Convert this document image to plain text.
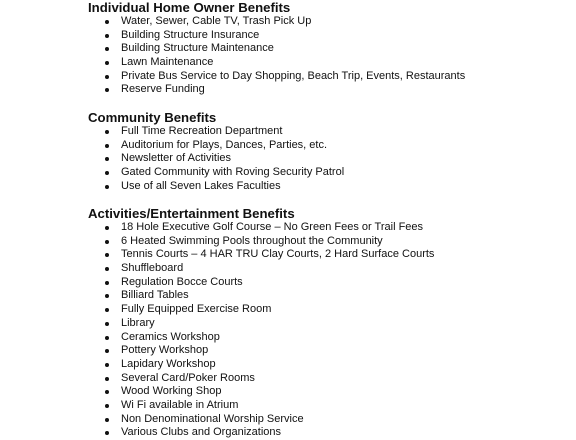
Individual Home Owner Benefits
Water, Sewer, Cable TV, Trash Pick Up
Building Structure Insurance
Building Structure Maintenance
Lawn Maintenance
Private Bus Service to Day Shopping, Beach Trip, Events, Restaurants
Reserve Funding
Community Benefits
Full Time Recreation Department
Auditorium for Plays, Dances, Parties, etc.
Newsletter of Activities
Gated Community with Roving Security Patrol
Use of all Seven Lakes Faculties
Activities/Entertainment Benefits
18 Hole Executive Golf Course – No Green Fees or Trail Fees
6 Heated Swimming Pools throughout the Community
Tennis Courts – 4 HAR TRU Clay Courts, 2 Hard Surface Courts
Shuffleboard
Regulation Bocce Courts
Billiard Tables
Fully Equipped Exercise Room
Library
Ceramics Workshop
Pottery Workshop
Lapidary Workshop
Several Card/Poker Rooms
Wood Working Shop
Wi Fi available in Atrium
Non Denominational Worship Service
Various Clubs and Organizations
